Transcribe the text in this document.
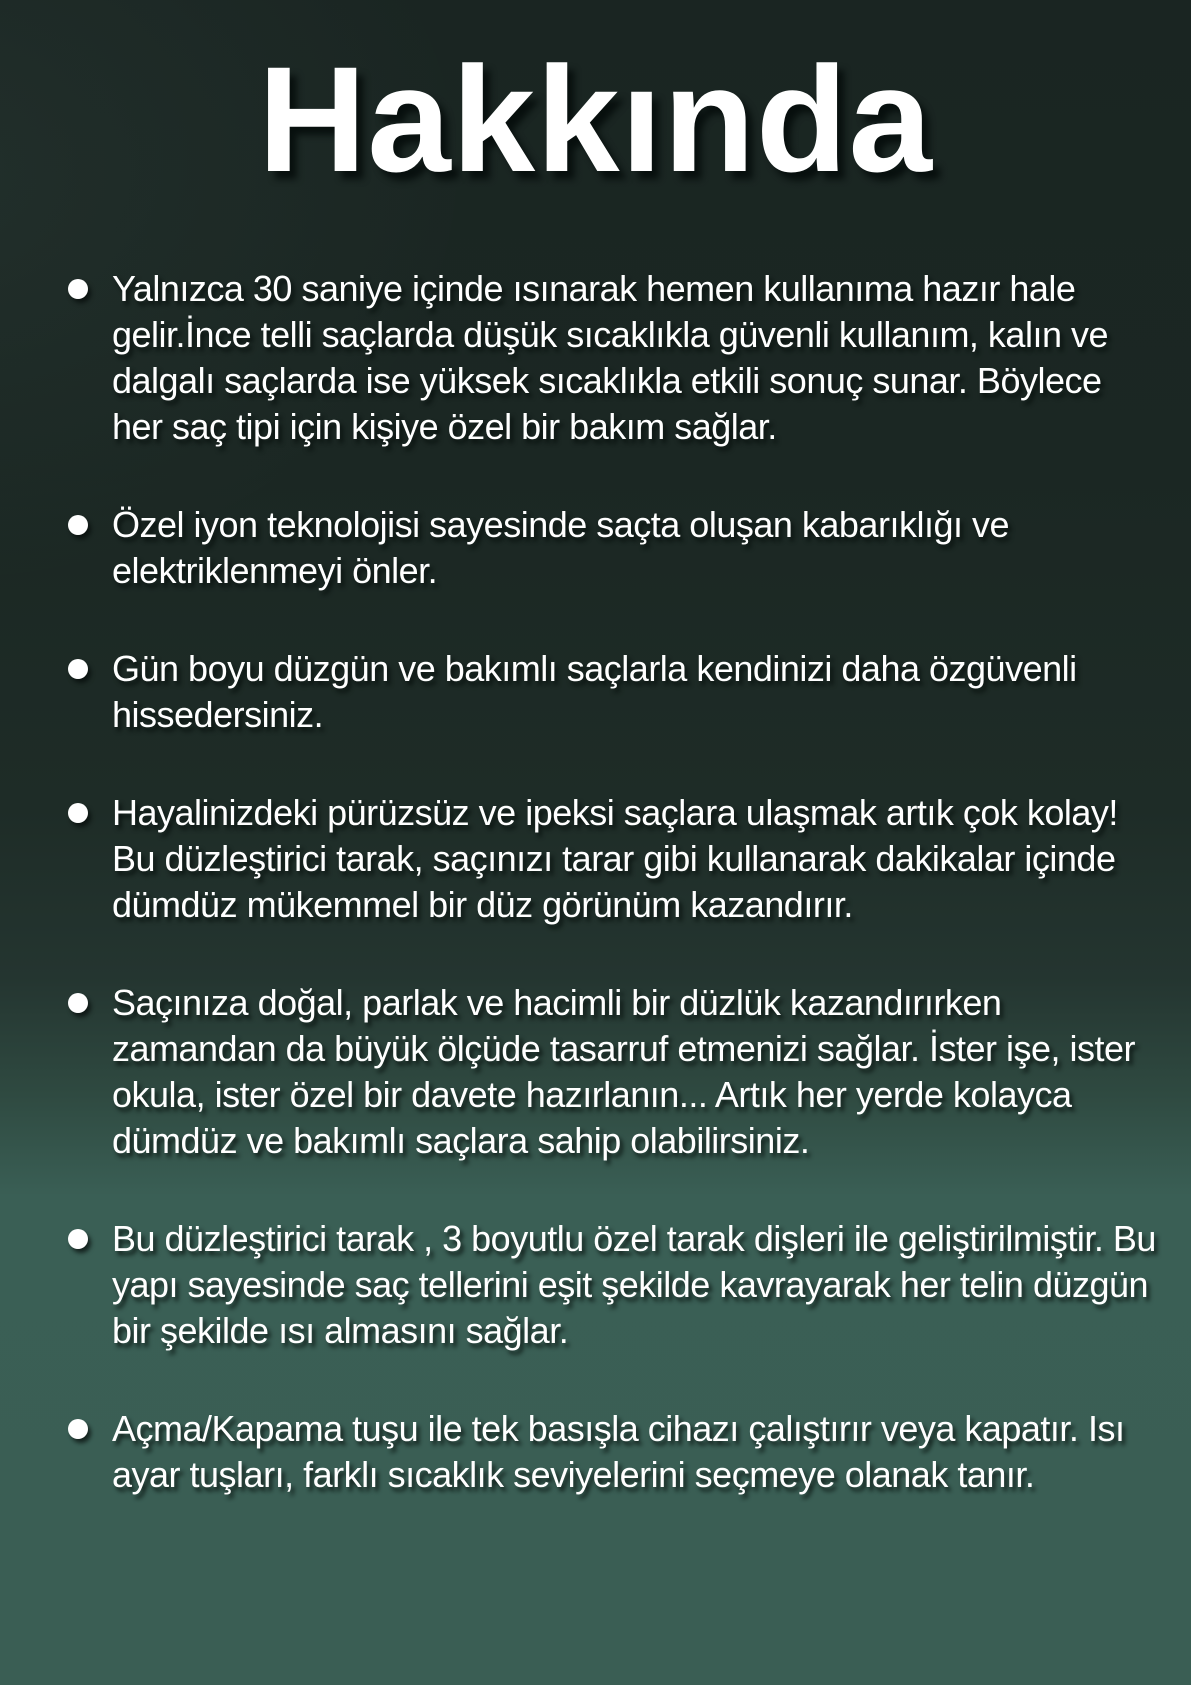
Hakkında
Yalnızca 30 saniye içinde ısınarak hemen kullanıma hazır hale gelir.İnce telli saçlarda düşük sıcaklıkla güvenli kullanım, kalın ve dalgalı saçlarda ise yüksek sıcaklıkla etkili sonuç sunar. Böylece her saç tipi için kişiye özel bir bakım sağlar.
Özel iyon teknolojisi sayesinde saçta oluşan kabarıklığı ve elektriklenmeyi önler.
Gün boyu düzgün ve bakımlı saçlarla kendinizi daha özgüvenli hissedersiniz.
Hayalinizdeki pürüzsüz ve ipeksi saçlara ulaşmak artık çok kolay! Bu düzleştirici tarak, saçınızı tarar gibi kullanarak dakikalar içinde dümdüz mükemmel bir düz görünüm kazandırır.
Saçınıza doğal, parlak ve hacimli bir düzlük kazandırırken zamandan da büyük ölçüde tasarruf etmenizi sağlar. İster işe, ister okula, ister özel bir davete hazırlanın... Artık her yerde kolayca dümdüz ve bakımlı saçlara sahip olabilirsiniz.
Bu düzleştirici tarak , 3 boyutlu özel tarak dişleri ile geliştirilmiştir. Bu yapı sayesinde saç tellerini eşit şekilde kavrayarak her telin düzgün bir şekilde ısı almasını sağlar.
Açma/Kapama tuşu ile tek basışla cihazı çalıştırır veya kapatır. Isı ayar tuşları, farklı sıcaklık seviyelerini seçmeye olanak tanır.
